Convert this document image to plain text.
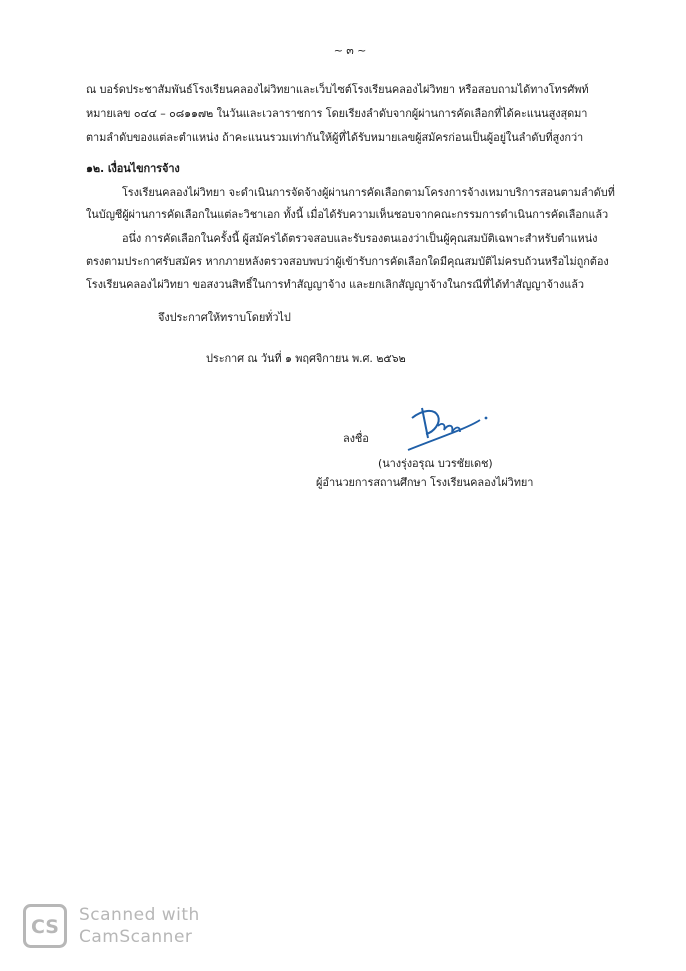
~ ๓ ~
ณ บอร์ดประชาสัมพันธ์โรงเรียนคลองไผ่วิทยาและเว็บไซต์โรงเรียนคลองไผ่วิทยา หรือสอบถามได้ทางโทรศัพท์
หมายเลข ๐๔๔ – ๐๘๑๑๗๒ ในวันและเวลาราชการ โดยเรียงลำดับจากผู้ผ่านการคัดเลือกที่ได้คะแนนสูงสุดมา
ตามลำดับของแต่ละตำแหน่ง ถ้าคะแนนรวมเท่ากันให้ผู้ที่ได้รับหมายเลขผู้สมัครก่อนเป็นผู้อยู่ในลำดับที่สูงกว่า
๑๒. เงื่อนไขการจ้าง
โรงเรียนคลองไผ่วิทยา จะดำเนินการจัดจ้างผู้ผ่านการคัดเลือกตามโครงการจ้างเหมาบริการสอนตามลำดับที่
ในบัญชีผู้ผ่านการคัดเลือกในแต่ละวิชาเอก ทั้งนี้ เมื่อได้รับความเห็นชอบจากคณะกรรมการดำเนินการคัดเลือกแล้ว
อนึ่ง การคัดเลือกในครั้งนี้ ผู้สมัครได้ตรวจสอบและรับรองตนเองว่าเป็นผู้คุณสมบัติเฉพาะสำหรับตำแหน่ง
ตรงตามประกาศรับสมัคร หากภายหลังตรวจสอบพบว่าผู้เข้ารับการคัดเลือกใดมีคุณสมบัติไม่ครบถ้วนหรือไม่ถูกต้อง
โรงเรียนคลองไผ่วิทยา ขอสงวนสิทธิ์ในการทำสัญญาจ้าง และยกเลิกสัญญาจ้างในกรณีที่ได้ทำสัญญาจ้างแล้ว
จึงประกาศให้ทราบโดยทั่วไป
ประกาศ ณ วันที่ ๑ พฤศจิกายน พ.ศ. ๒๕๖๒
ลงชื่อ
(นางรุ่งอรุณ บวรชัยเดช)
ผู้อำนวยการสถานศึกษา โรงเรียนคลองไผ่วิทยา
CS
Scanned with
CamScanner
